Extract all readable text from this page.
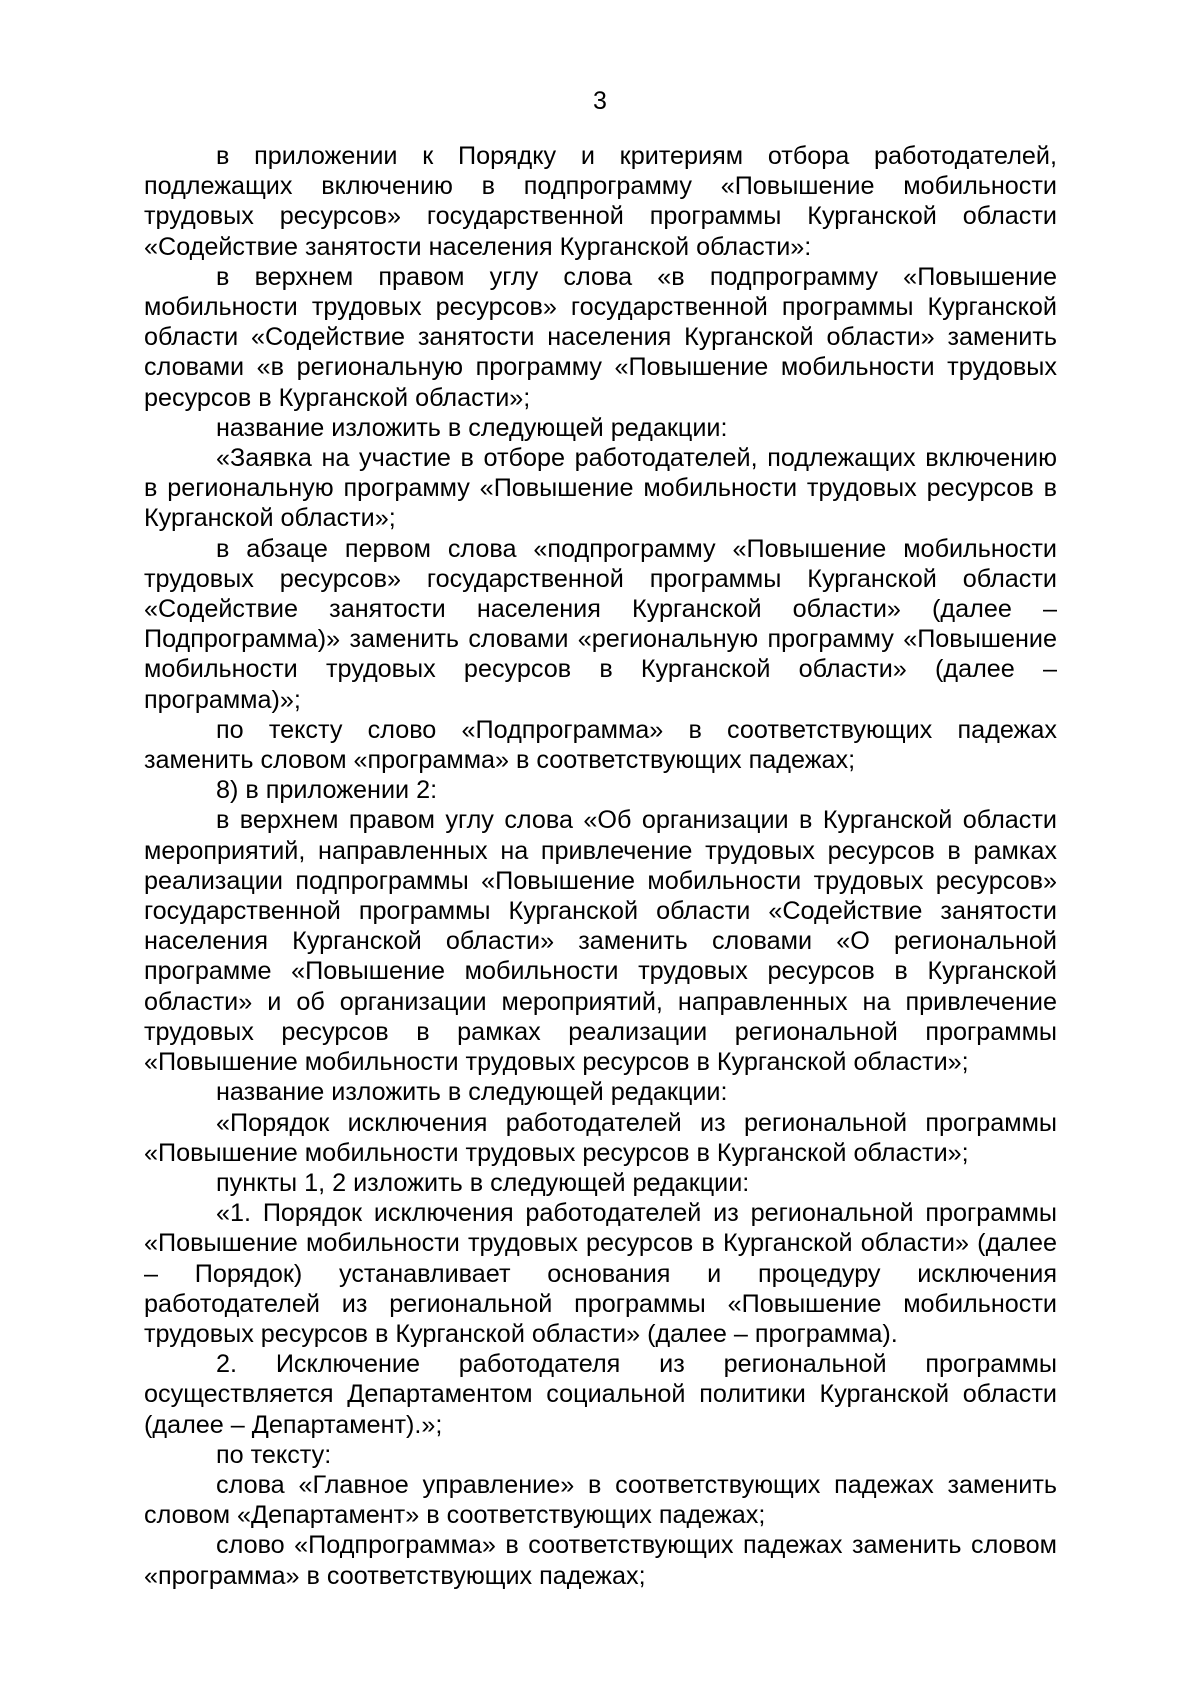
3

в приложении к Порядку и критериям отбора работодателей, подлежащих включению в подпрограмму «Повышение мобильности трудовых ресурсов» государственной программы Курганской области «Содействие занятости населения Курганской области»:

в верхнем правом углу слова «в подпрограмму «Повышение мобильности трудовых ресурсов» государственной программы Курганской области «Содействие занятости населения Курганской области» заменить словами «в региональную программу «Повышение мобильности трудовых ресурсов в Курганской области»;

название изложить в следующей редакции:

«Заявка на участие в отборе работодателей, подлежащих включению в региональную программу «Повышение мобильности трудовых ресурсов в Курганской области»;

в абзаце первом слова «подпрограмму «Повышение мобильности трудовых ресурсов» государственной программы Курганской области «Содействие занятости населения Курганской области» (далее – Подпрограмма)» заменить словами «региональную программу «Повышение мобильности трудовых ресурсов в Курганской области» (далее – программа)»;

по тексту слово «Подпрограмма» в соответствующих падежах заменить словом «программа» в соответствующих падежах;

8) в приложении 2:

в верхнем правом углу слова «Об организации в Курганской области мероприятий, направленных на привлечение трудовых ресурсов в рамках реализации подпрограммы «Повышение мобильности трудовых ресурсов» государственной программы Курганской области «Содействие занятости населения Курганской области» заменить словами «О региональной программе «Повышение мобильности трудовых ресурсов в Курганской области» и об организации мероприятий, направленных на привлечение трудовых ресурсов в рамках реализации региональной программы «Повышение мобильности трудовых ресурсов в Курганской области»;

название изложить в следующей редакции:

«Порядок исключения работодателей из региональной программы «Повышение мобильности трудовых ресурсов в Курганской области»;

пункты 1, 2 изложить в следующей редакции:

«1. Порядок исключения работодателей из региональной программы «Повышение мобильности трудовых ресурсов в Курганской области» (далее – Порядок) устанавливает основания и процедуру исключения работодателей из региональной программы «Повышение мобильности трудовых ресурсов в Курганской области» (далее – программа).

2. Исключение работодателя из региональной программы осуществляется Департаментом социальной политики Курганской области (далее – Департамент).»;

по тексту:

слова «Главное управление» в соответствующих падежах заменить словом «Департамент» в соответствующих падежах;

слово «Подпрограмма» в соответствующих падежах заменить словом «программа» в соответствующих падежах;
